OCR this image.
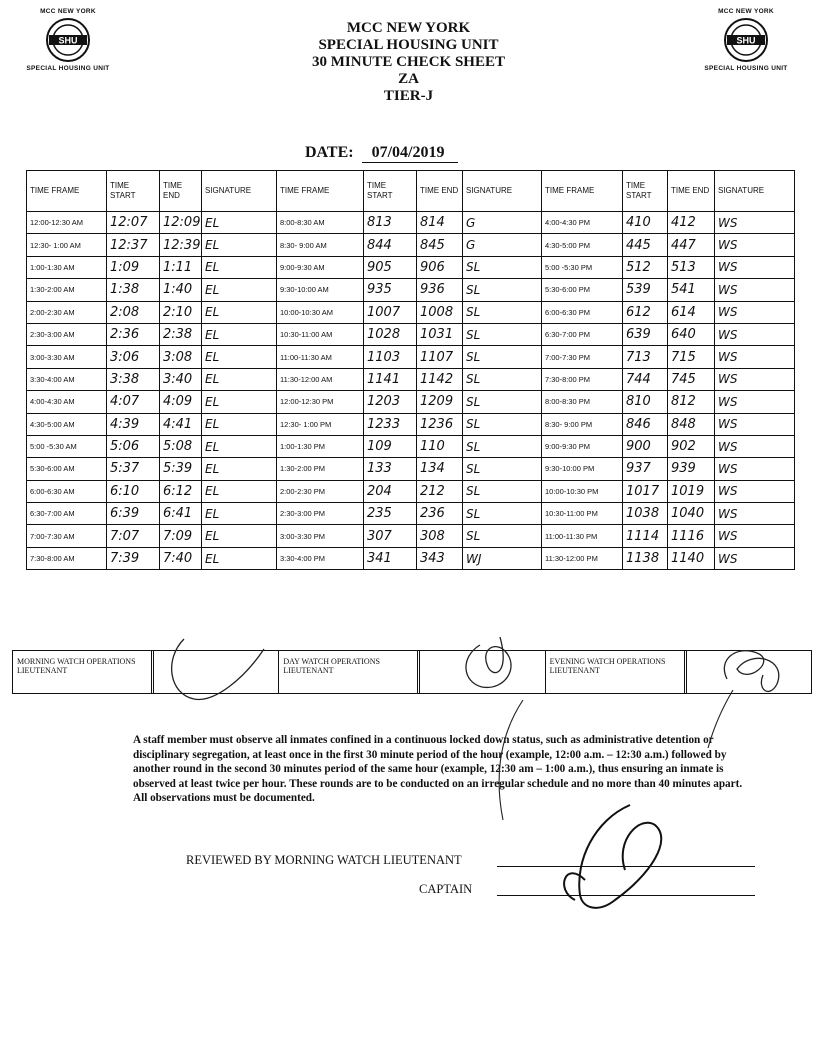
MCC NEW YORK
SHU
SPECIAL HOUSING UNIT
MCC NEW YORK
SHU
SPECIAL HOUSING UNIT
MCC NEW YORK
SPECIAL HOUSING UNIT
30 MINUTE CHECK SHEET
ZA
TIER-J
DATE: 07/04/2019
TIME FRAME	TIME START	TIME END	SIGNATURE	TIME FRAME	TIME START	TIME END	SIGNATURE	TIME FRAME	TIME START	TIME END	SIGNATURE
12:00-12:30 AM	12:07	12:09	EL	8:00-8:30 AM	813	814	G	4:00-4:30 PM	410	412	WS
12:30- 1:00 AM	12:37	12:39	EL	8:30- 9:00 AM	844	845	G	4:30-5:00 PM	445	447	WS
1:00-1:30 AM	1:09	1:11	EL	9:00-9:30 AM	905	906	SL	5:00 -5:30 PM	512	513	WS
1:30-2:00 AM	1:38	1:40	EL	9:30-10:00 AM	935	936	SL	5:30-6:00 PM	539	541	WS
2:00-2:30 AM	2:08	2:10	EL	10:00-10:30 AM	1007	1008	SL	6:00-6:30 PM	612	614	WS
2:30-3:00 AM	2:36	2:38	EL	10:30-11:00 AM	1028	1031	SL	6:30-7:00 PM	639	640	WS
3:00-3:30 AM	3:06	3:08	EL	11:00-11:30 AM	1103	1107	SL	7:00-7:30 PM	713	715	WS
3:30-4:00 AM	3:38	3:40	EL	11:30-12:00 AM	1141	1142	SL	7:30-8:00 PM	744	745	WS
4:00-4:30 AM	4:07	4:09	EL	12:00-12:30 PM	1203	1209	SL	8:00-8:30 PM	810	812	WS
4:30-5:00 AM	4:39	4:41	EL	12:30- 1:00 PM	1233	1236	SL	8:30- 9:00 PM	846	848	WS
5:00 -5:30 AM	5:06	5:08	EL	1:00-1:30 PM	109	110	SL	9:00-9:30 PM	900	902	WS
5:30-6:00 AM	5:37	5:39	EL	1:30-2:00 PM	133	134	SL	9:30-10:00 PM	937	939	WS
6:00-6:30 AM	6:10	6:12	EL	2:00-2:30 PM	204	212	SL	10:00-10:30 PM	1017	1019	WS
6:30-7:00 AM	6:39	6:41	EL	2:30-3:00 PM	235	236	SL	10:30-11:00 PM	1038	1040	WS
7:00-7:30 AM	7:07	7:09	EL	3:00-3:30 PM	307	308	SL	11:00-11:30 PM	1114	1116	WS
7:30-8:00 AM	7:39	7:40	EL	3:30-4:00 PM	341	343	WJ	11:30-12:00 PM	1138	1140	WS
MORNING WATCH OPERATIONS LIEUTENANT
DAY WATCH OPERATIONS LIEUTENANT
EVENING WATCH OPERATIONS LIEUTENANT
A staff member must observe all inmates confined in a continuous locked down status, such as administrative detention or disciplinary segregation, at least once in the first 30 minute period of the hour (example, 12:00 a.m. – 12:30 a.m.) followed by another round in the second 30 minutes period of the same hour (example, 12:30 am – 1:00 a.m.), thus ensuring an inmate is observed at least twice per hour. These rounds are to be conducted on an irregular schedule and no more than 40 minutes apart. All observations must be documented.
REVIEWED BY MORNING WATCH LIEUTENANT
CAPTAIN
